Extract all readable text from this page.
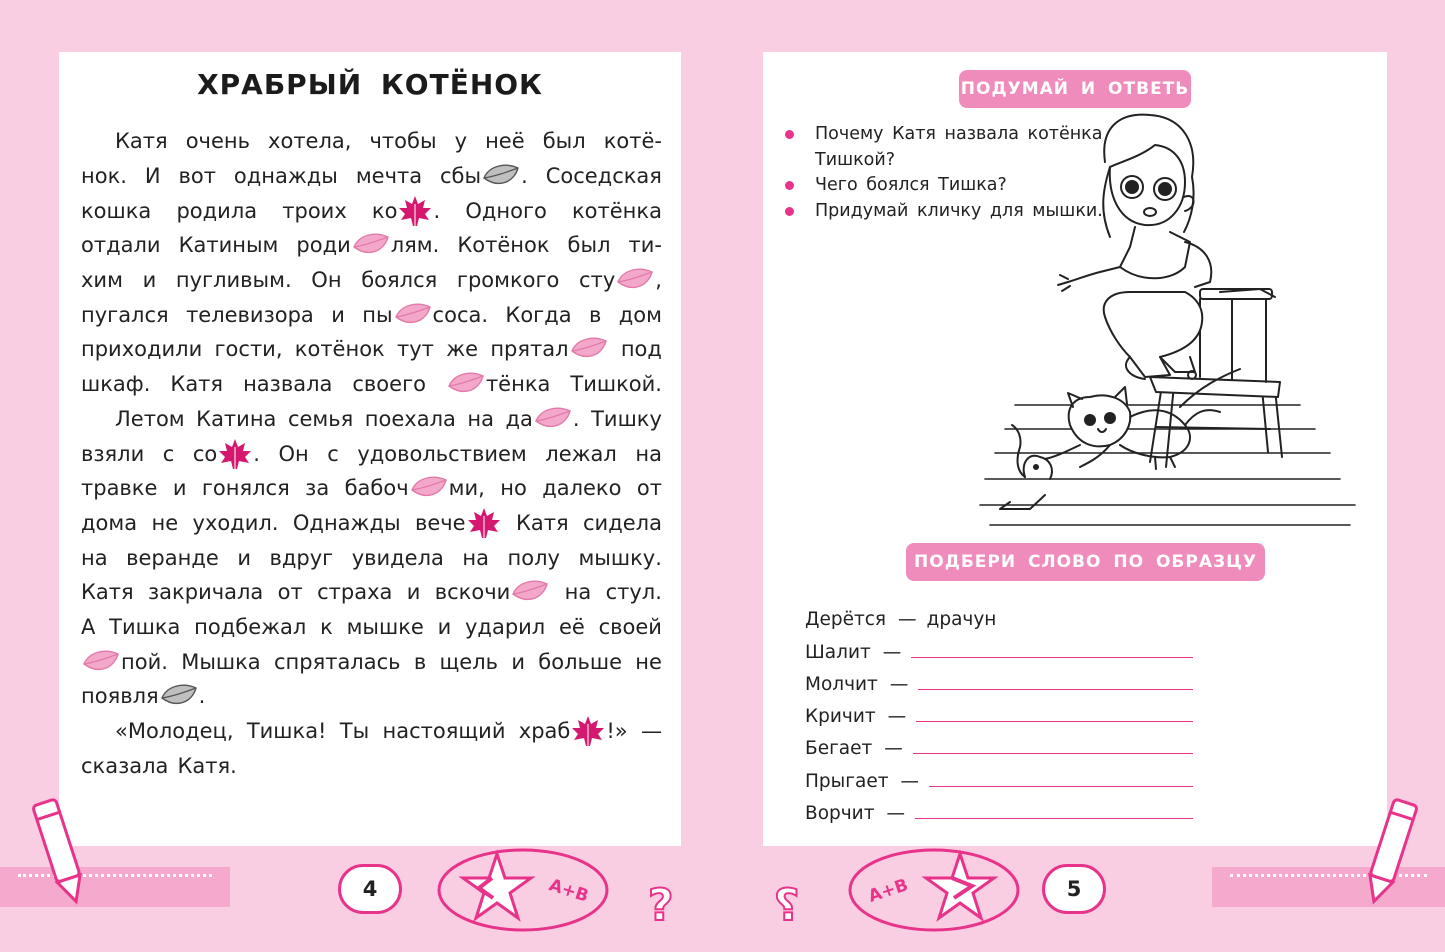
ХРАБРЫЙ КОТЁНОК
Катя очень хотела, чтобы у неё был котё-
нок. И вот однажды мечта сбы . Соседская
кошка родила троих ко . Одного котёнка
отдали Катиным роди лям. Котёнок был ти-
хим и пугливым. Он боялся громкого сту ,
пугался телевизора и пы сoса. Когда в дом
приходили гости, котёнок тут же прятал под
шкаф. Катя назвала своего	тёнка Тишкой.
Летом Катина семья поехала на да . Тишку
взяли с со . Он с удовольствием лежал на
травке и гонялся за бабоч ми, но далеко от
дома не уходил. Однажды вече Катя сидела
на веранде и вдруг увидела на полу мышку.
Катя закричала от страха и вскочи	на стул.
А Тишка подбежал к мышке и ударил её своей
пой. Мышка спряталась в щель и больше не
появля .
«Молодец, Тишка! Ты настоящий храб !» —
сказала Катя.
ПОДУМАЙ И ОТВЕТЬ
Почему Катя назвала котёнка Тишкой?
Чего боялся Тишка?
Придумай кличку для мышки.
ПОДБЕРИ СЛОВО ПО ОБРАЗЦУ
Дерётся — драчун
Шалит —
Молчит —
Кричит —
Бегает —
Прыгает —
Ворчит —
4	5
A+B	A+B
? ?
